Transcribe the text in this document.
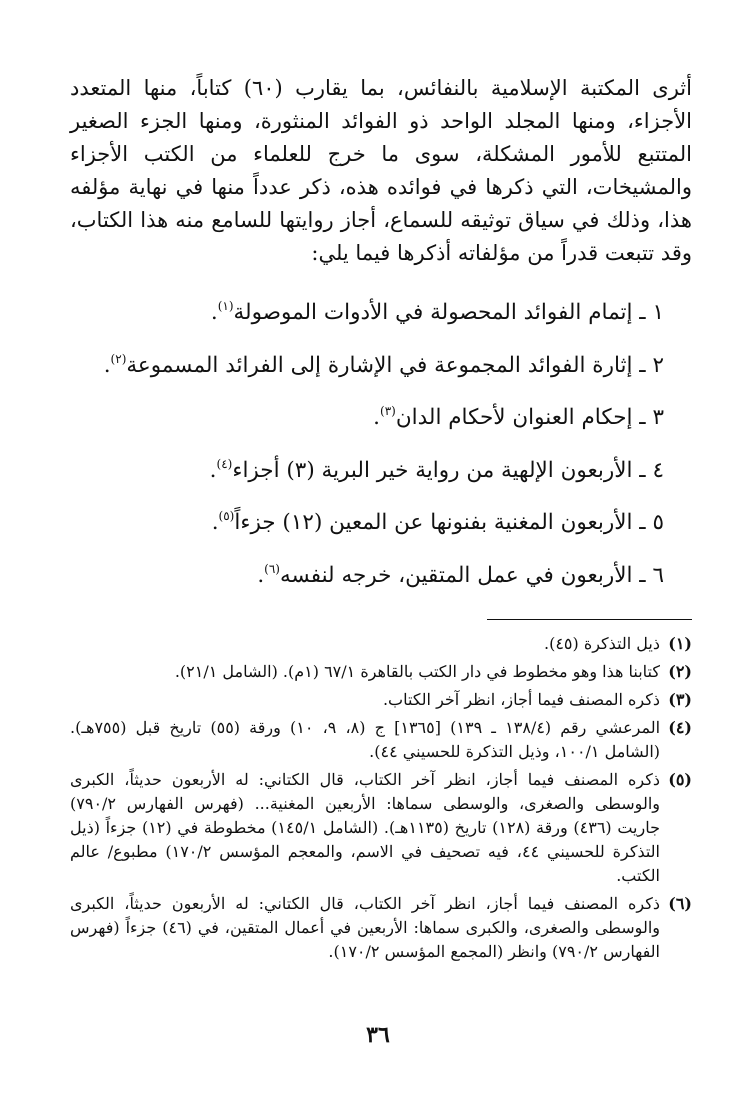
أثرى المكتبة الإسلامية بالنفائس، بما يقارب (٦٠) كتاباً، منها المتعدد الأجزاء، ومنها المجلد الواحد ذو الفوائد المنثورة، ومنها الجزء الصغير المتتبع للأمور المشكلة، سوى ما خرج للعلماء من الكتب الأجزاء والمشيخات، التي ذكرها في فوائده هذه، ذكر عدداً منها في نهاية مؤلفه هذا، وذلك في سياق توثيقه للسماع، أجاز روايتها للسامع منه هذا الكتاب، وقد تتبعت قدراً من مؤلفاته أذكرها فيما يلي:

١ ـ إتمام الفوائد المحصولة في الأدوات الموصولة$^{(١)}$.
٢ ـ إثارة الفوائد المجموعة في الإشارة إلى الفرائد المسموعة$^{(٢)}$.
٣ ـ إحكام العنوان لأحكام الدان$^{(٣)}$.
٤ ـ الأربعون الإلهية من رواية خير البرية (٣) أجزاء$^{(٤)}$.
٥ ـ الأربعون المغنية بفنونها عن المعين (١٢) جزءاً$^{(٥)}$.
٦ ـ الأربعون في عمل المتقين، خرجه لنفسه$^{(٦)}$.
(١)
ذيل التذكرة (٤٥).
(٢)
كتابنا هذا وهو مخطوط في دار الكتب بالقاهرة ٦٧/١ (١م). (الشامل ٢١/١).
(٣)
ذكره المصنف فيما أجاز، انظر آخر الكتاب.
(٤)
المرعشي رقم (١٣٨/٤ ـ ١٣٩) [١٣٦٥] ج (٨، ٩، ١٠) ورقة (٥٥) تاريخ قبل (٧٥٥هـ). (الشامل ١٠٠/١، وذيل التذكرة للحسيني ٤٤).
(٥)
ذكره المصنف فيما أجاز، انظر آخر الكتاب، قال الكتاني: له الأربعون حديثاً، الكبرى والوسطى والصغرى، والوسطى سماها: الأربعين المغنية... (فهرس الفهارس ٧٩٠/٢) جاريت (٤٣٦) ورقة (١٢٨) تاريخ (١١٣٥هـ). (الشامل ١٤٥/١) مخطوطة في (١٢) جزءاً (ذيل التذكرة للحسيني ٤٤، فيه تصحيف في الاسم، والمعجم المؤسس ١٧٠/٢) مطبوع/ عالم الكتب.
(٦)
ذكره المصنف فيما أجاز، انظر آخر الكتاب، قال الكتاني: له الأربعون حديثاً، الكبرى والوسطى والصغرى، والكبرى سماها: الأربعين في أعمال المتقين، في (٤٦) جزءاً (فهرس الفهارس ٧٩٠/٢) وانظر (المجمع المؤسس ١٧٠/٢).
٣٦
